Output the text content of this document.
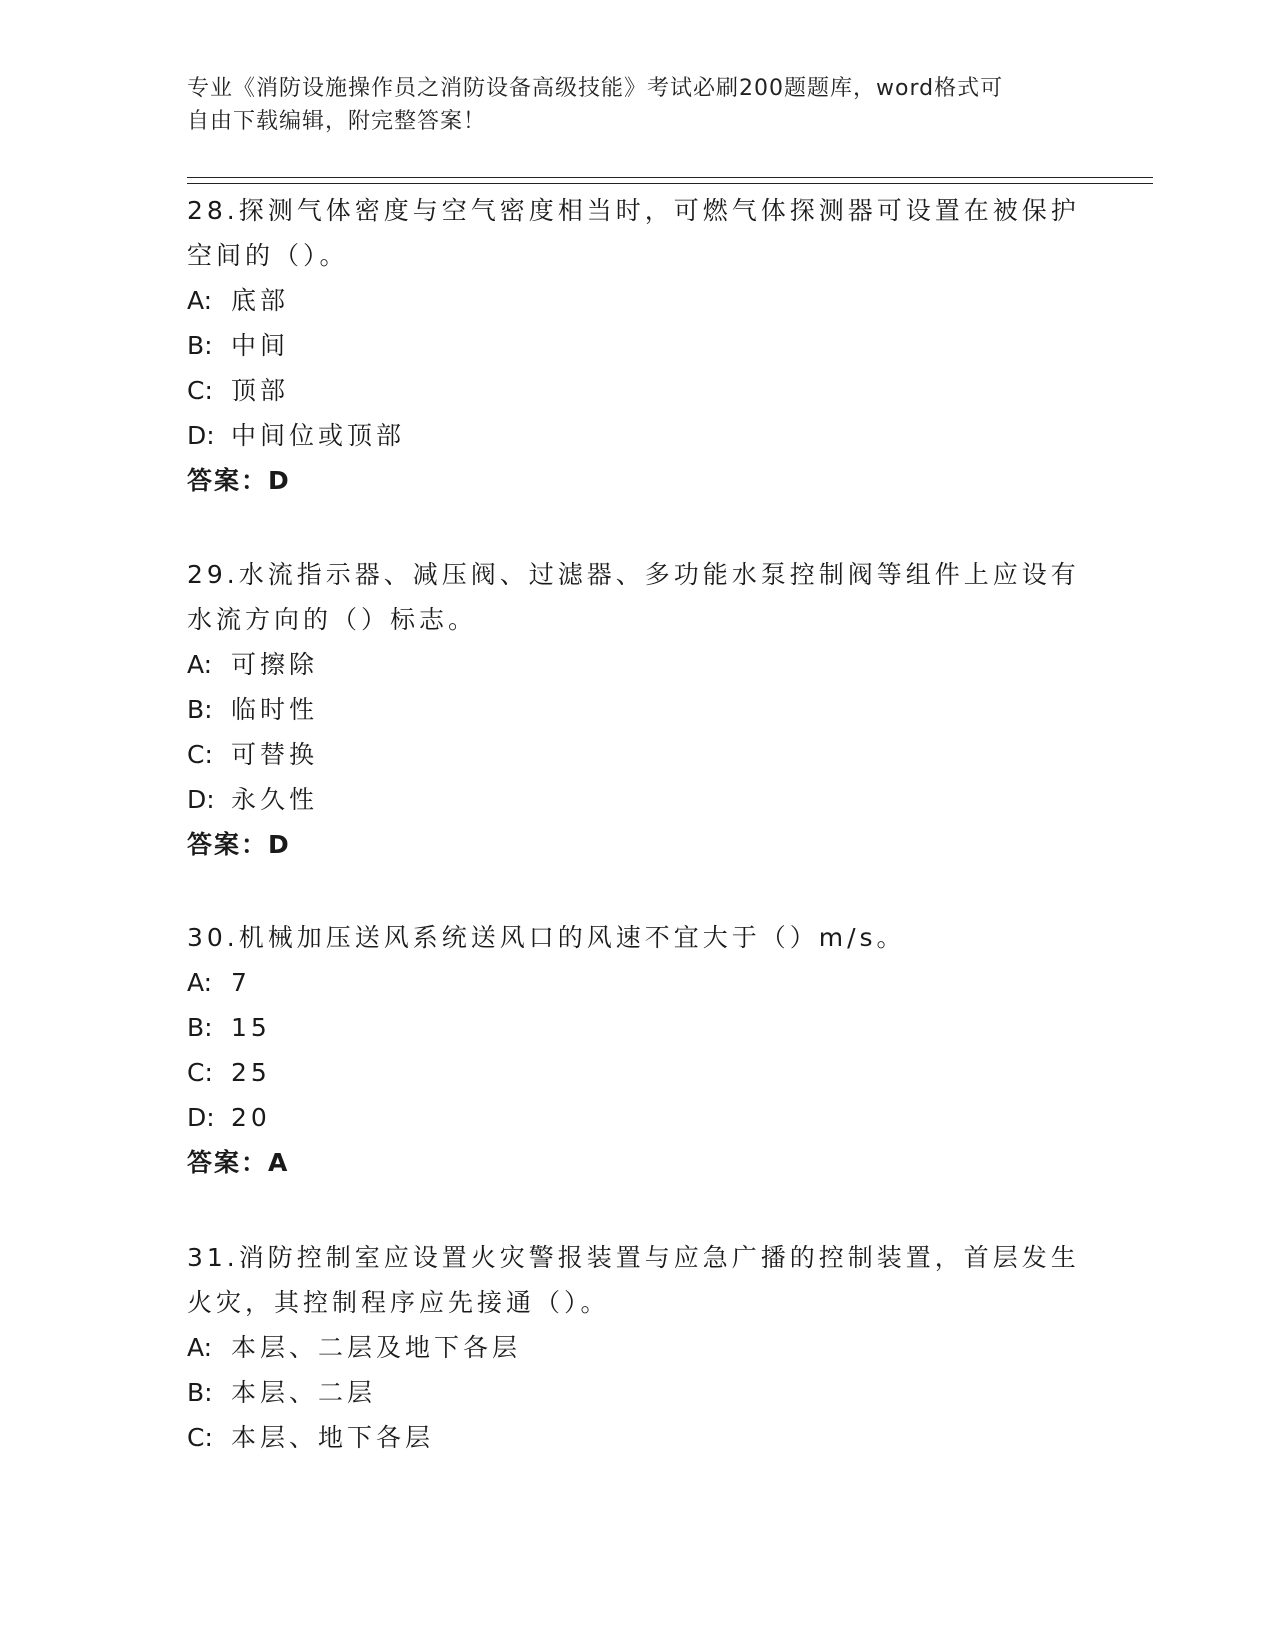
专业《消防设施操作员之消防设备高级技能》考试必刷200题题库，word格式可
自由下载编辑，附完整答案！

28.探测气体密度与空气密度相当时，可燃气体探测器可设置在被保护

空间的（）。

A: 底部

B: 中间

C: 顶部

D: 中间位或顶部

答案：D

29.水流指示器、减压阀、过滤器、多功能水泵控制阀等组件上应设有

水流方向的（）标志。

A: 可擦除

B: 临时性

C: 可替换

D: 永久性

答案：D

30.机械加压送风系统送风口的风速不宜大于（）m/s。

A: 7

B: 15

C: 25

D: 20

答案：A

31.消防控制室应设置火灾警报装置与应急广播的控制装置，首层发生

火灾，其控制程序应先接通（）。

A: 本层、二层及地下各层

B: 本层、二层

C: 本层、地下各层
